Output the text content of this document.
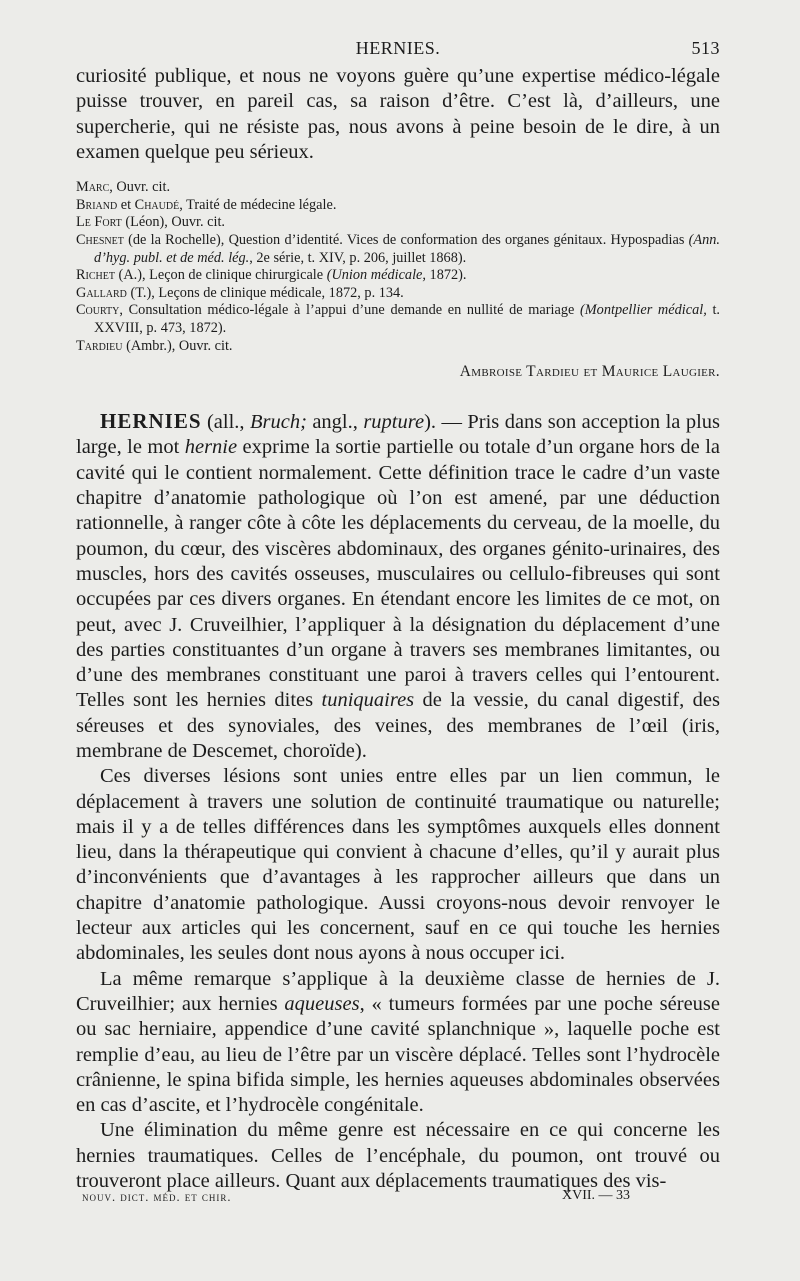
HERNIES.	513

curiosité publique, et nous ne voyons guère qu’une expertise médico-légale puisse trouver, en pareil cas, sa raison d’être. C’est là, d’ailleurs, une supercherie, qui ne résiste pas, nous avons à peine besoin de le dire, à un examen quelque peu sérieux.

Marc, Ouvr. cit.

Briand et Chaudé, Traité de médecine légale.

Le Fort (Léon), Ouvr. cit.

Chesnet (de la Rochelle), Question d’identité. Vices de conformation des organes génitaux. Hypospadias (Ann. d’hyg. publ. et de méd. lég., 2e série, t. XIV, p. 206, juillet 1868).

Richet (A.), Leçon de clinique chirurgicale (Union médicale, 1872).

Gallard (T.), Leçons de clinique médicale, 1872, p. 134.

Courty, Consultation médico-légale à l’appui d’une demande en nullité de mariage (Montpellier médical, t. XXVIII, p. 473, 1872).

Tardieu (Ambr.), Ouvr. cit.

Ambroise Tardieu et Maurice Laugier.

HERNIES (all., Bruch; angl., rupture). — Pris dans son acception la plus large, le mot hernie exprime la sortie partielle ou totale d’un organe hors de la cavité qui le contient normalement. Cette définition trace le cadre d’un vaste chapitre d’anatomie pathologique où l’on est amené, par une déduction rationnelle, à ranger côte à côte les déplacements du cerveau, de la moelle, du poumon, du cœur, des viscères abdominaux, des organes génito-urinaires, des muscles, hors des cavités osseuses, musculaires ou cellulo-fibreuses qui sont occupées par ces divers organes. En étendant encore les limites de ce mot, on peut, avec J. Cruveilhier, l’appliquer à la désignation du déplacement d’une des parties constituantes d’un organe à travers ses membranes limitantes, ou d’une des membranes constituant une paroi à travers celles qui l’entourent. Telles sont les hernies dites tuniquaires de la vessie, du canal digestif, des séreuses et des synoviales, des veines, des membranes de l’œil (iris, membrane de Descemet, choroïde).

Ces diverses lésions sont unies entre elles par un lien commun, le déplacement à travers une solution de continuité traumatique ou naturelle; mais il y a de telles différences dans les symptômes auxquels elles donnent lieu, dans la thérapeutique qui convient à chacune d’elles, qu’il y aurait plus d’inconvénients que d’avantages à les rapprocher ailleurs que dans un chapitre d’anatomie pathologique. Aussi croyons-nous devoir renvoyer le lecteur aux articles qui les concernent, sauf en ce qui touche les hernies abdominales, les seules dont nous ayons à nous occuper ici.

La même remarque s’applique à la deuxième classe de hernies de J. Cruveilhier; aux hernies aqueuses, « tumeurs formées par une poche séreuse ou sac herniaire, appendice d’une cavité splanchnique », laquelle poche est remplie d’eau, au lieu de l’être par un viscère déplacé. Telles sont l’hydrocèle crânienne, le spina bifida simple, les hernies aqueuses abdominales observées en cas d’ascite, et l’hydrocèle congénitale.

Une élimination du même genre est nécessaire en ce qui concerne les hernies traumatiques. Celles de l’encéphale, du poumon, ont trouvé ou trouveront place ailleurs. Quant aux déplacements traumatiques des vis-

nouv. dict. méd. et chir.	XVII. — 33
